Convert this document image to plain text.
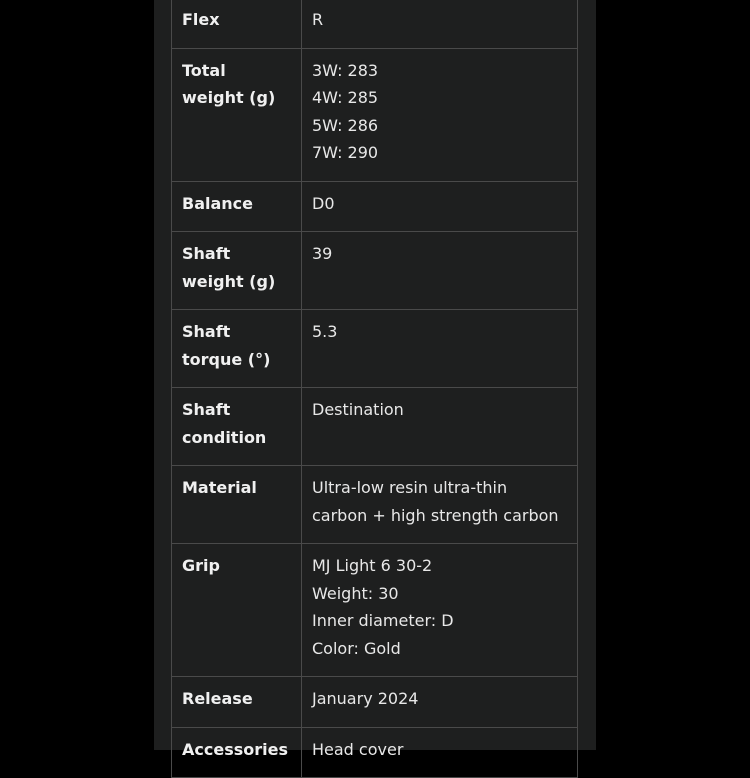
Flex	R

Total weight (g)	3W: 283
4W: 285
5W: 286
7W: 290

Balance	D0

Shaft weight (g)	39

Shaft torque (°)	5.3

Shaft condition	Destination

Material	Ultra-low resin ultra-thin carbon + high strength carbon

Grip	MJ Light 6 30-2
Weight: 30
Inner diameter: D
Color: Gold

Release	January 2024

Accessories	Head cover
